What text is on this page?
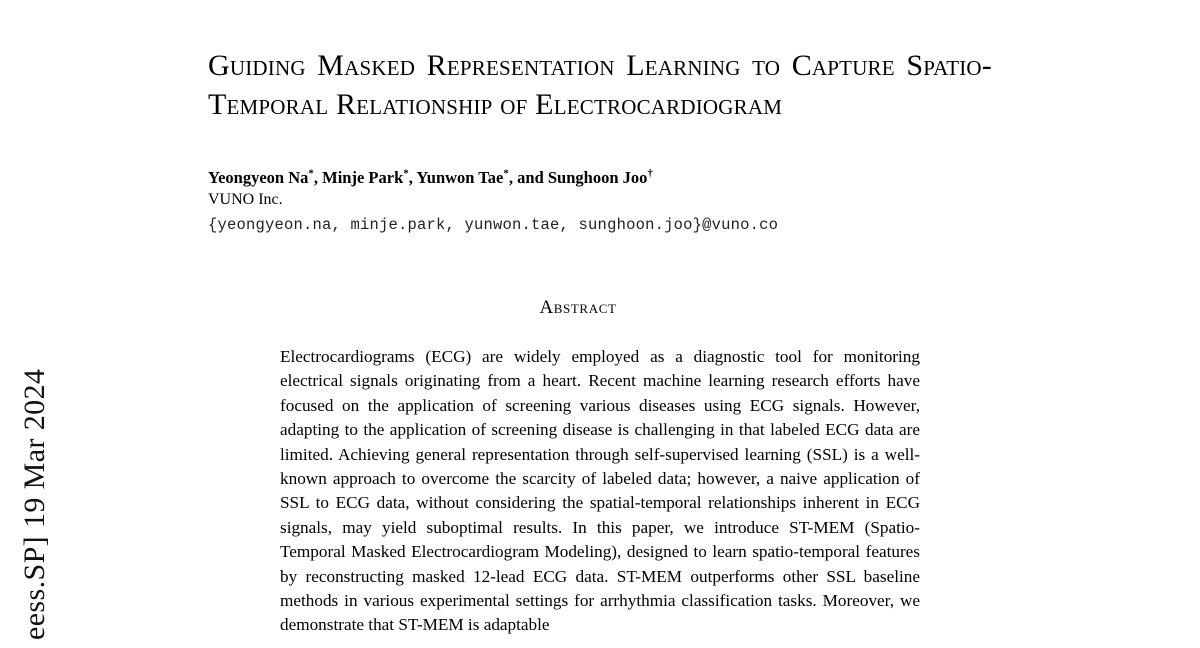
eess.SP] 19 Mar 2024
Guiding Masked Representation Learning to Capture Spatio-Temporal Relationship of Electrocardiogram
Yeongyeon Na*, Minje Park*, Yunwon Tae*, and Sunghoon Joo†
VUNO Inc.
{yeongyeon.na, minje.park, yunwon.tae, sunghoon.joo}@vuno.co
Abstract

Electrocardiograms (ECG) are widely employed as a diagnostic tool for monitoring electrical signals originating from a heart. Recent machine learning research efforts have focused on the application of screening various diseases using ECG signals. However, adapting to the application of screening disease is challenging in that labeled ECG data are limited. Achieving general representation through self-supervised learning (SSL) is a well-known approach to overcome the scarcity of labeled data; however, a naive application of SSL to ECG data, without considering the spatial-temporal relationships inherent in ECG signals, may yield suboptimal results. In this paper, we introduce ST-MEM (Spatio-Temporal Masked Electrocardiogram Modeling), designed to learn spatio-temporal features by reconstructing masked 12-lead ECG data. ST-MEM outperforms other SSL baseline methods in various experimental settings for arrhythmia classification tasks. Moreover, we demonstrate that ST-MEM is adaptable
